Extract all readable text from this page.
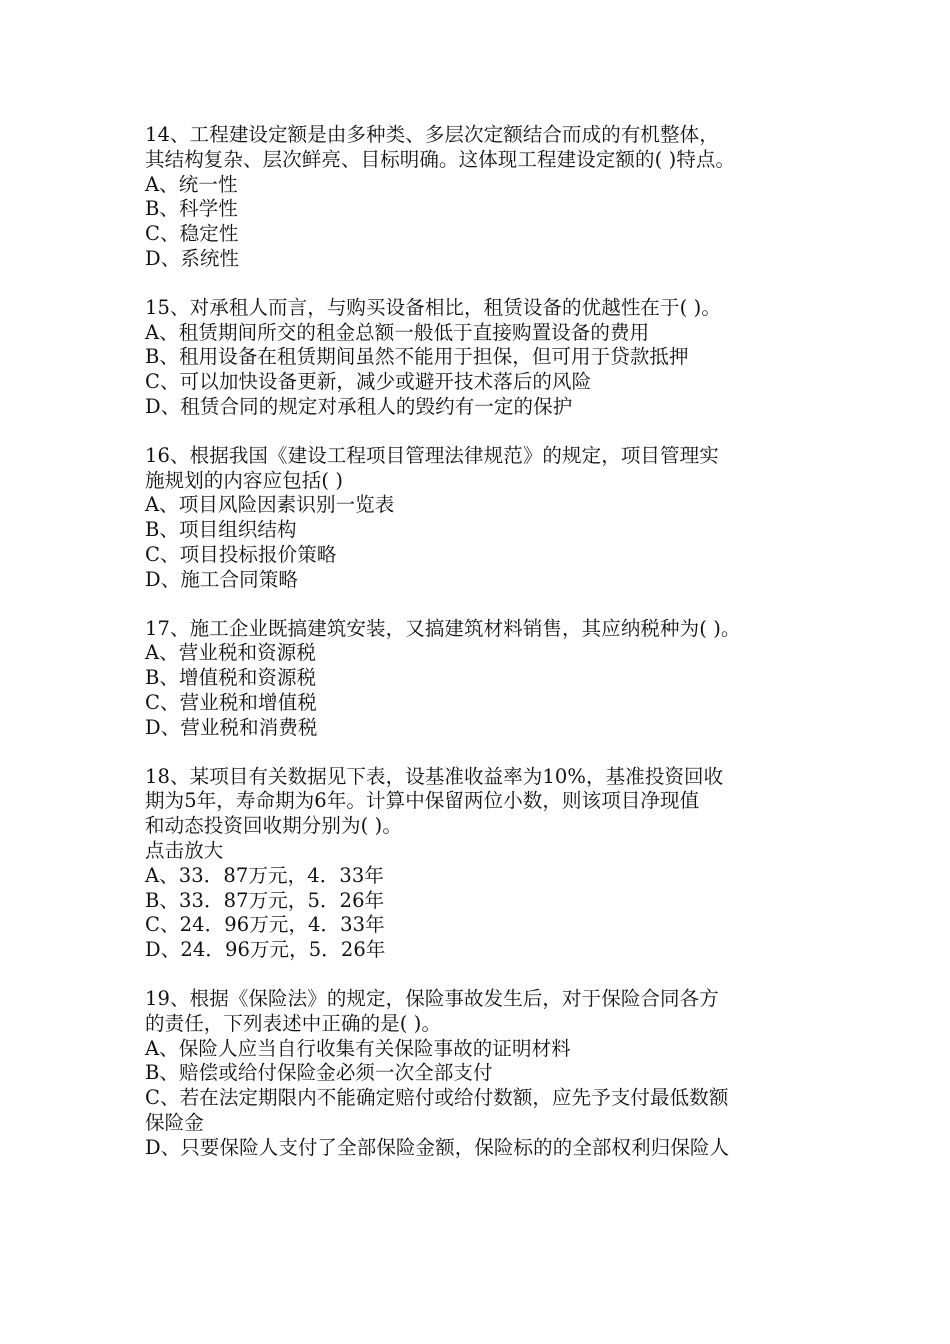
14、工程建设定额是由多种类、多层次定额结合而成的有机整体，
其结构复杂、层次鲜亮、目标明确。这体现工程建设定额的( )特点。
A、统一性
B、科学性
C、稳定性
D、系统性
15、对承租人而言，与购买设备相比，租赁设备的优越性在于( )。
A、租赁期间所交的租金总额一般低于直接购置设备的费用
B、租用设备在租赁期间虽然不能用于担保，但可用于贷款抵押
C、可以加快设备更新，减少或避开技术落后的风险
D、租赁合同的规定对承租人的毁约有一定的保护
16、根据我国《建设工程项目管理法律规范》的规定，项目管理实
施规划的内容应包括( )
A、项目风险因素识别一览表
B、项目组织结构
C、项目投标报价策略
D、施工合同策略
17、施工企业既搞建筑安装，又搞建筑材料销售，其应纳税种为( )。
A、营业税和资源税
B、增值税和资源税
C、营业税和增值税
D、营业税和消费税
18、某项目有关数据见下表，设基准收益率为10%，基准投资回收
期为5年，寿命期为6年。计算中保留两位小数，则该项目净现值
和动态投资回收期分别为( )。
点击放大
A、33．87万元，4．33年
B、33．87万元，5．26年
C、24．96万元，4．33年
D、24．96万元，5．26年
19、根据《保险法》的规定，保险事故发生后，对于保险合同各方
的责任，下列表述中正确的是( )。
A、保险人应当自行收集有关保险事故的证明材料
B、赔偿或给付保险金必须一次全部支付
C、若在法定期限内不能确定赔付或给付数额，应先予支付最低数额
保险金
D、只要保险人支付了全部保险金额，保险标的的全部权利归保险人
